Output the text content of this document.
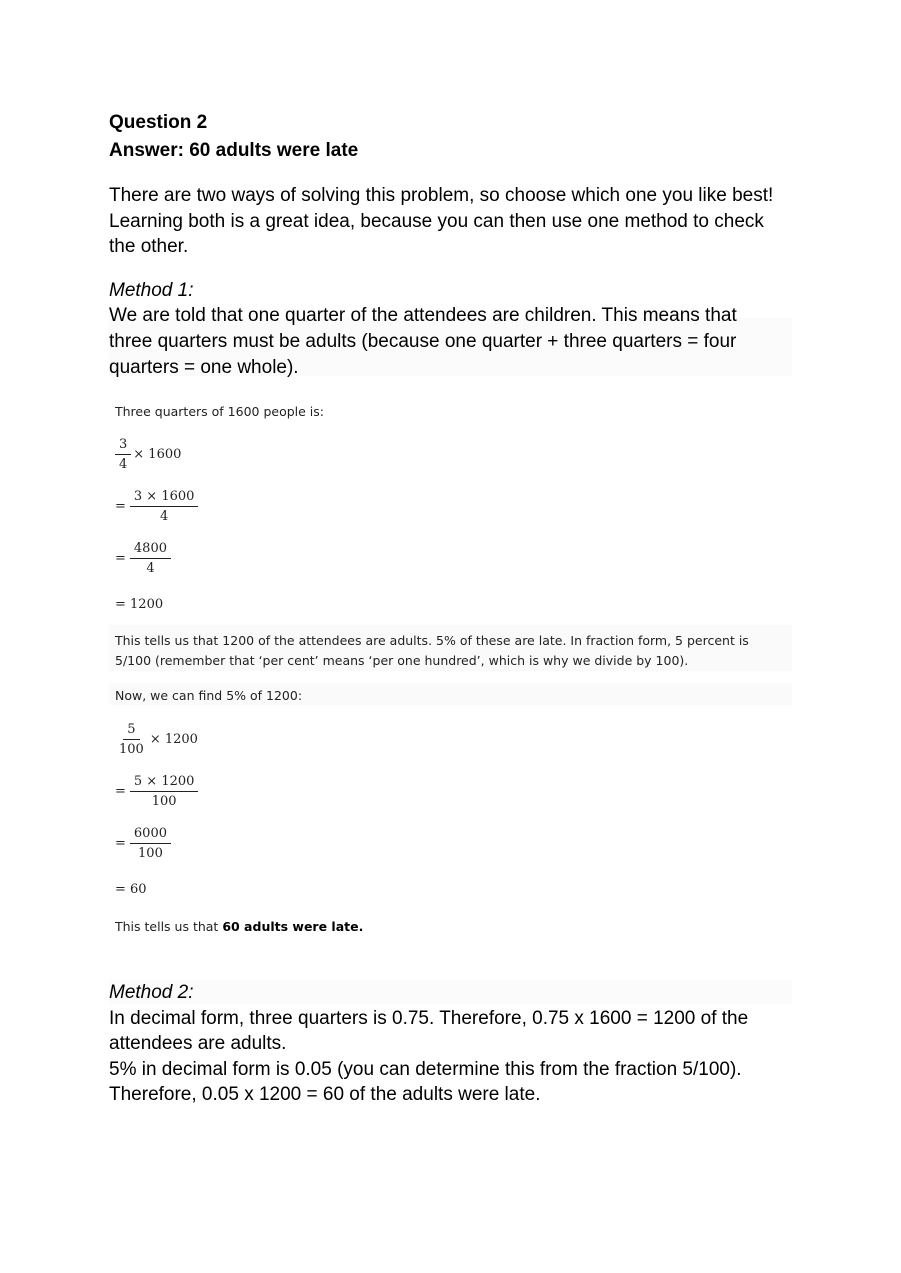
Question 2

Answer: 60 adults were late

There are two ways of solving this problem, so choose which one you like best!

Learning both is a great idea, because you can then use one method to check

the other.

Method 1:

We are told that one quarter of the attendees are children. This means that

three quarters must be adults (because one quarter + three quarters = four

quarters = one whole).

Three quarters of 1600 people is:
$\frac{3}{4} \times 1600$
= $\frac{3 \times 1600}{4}$
= $\frac{4800}{4}$
= 1200
This tells us that 1200 of the attendees are adults. 5% of these are late. In fraction form, 5 percent is
5/100 (remember that ‘per cent’ means ‘per one hundred’, which is why we divide by 100).
Now, we can find 5% of 1200:
$\frac{5}{100} \times 1200$
= $\frac{5 \times 1200}{100}$
= $\frac{6000}{100}$
= 60
This tells us that 60 adults were late.

Method 2:

In decimal form, three quarters is 0.75. Therefore, 0.75 x 1600 = 1200 of the

attendees are adults.

5% in decimal form is 0.05 (you can determine this from the fraction 5/100).

Therefore, 0.05 x 1200 = 60 of the adults were late.
